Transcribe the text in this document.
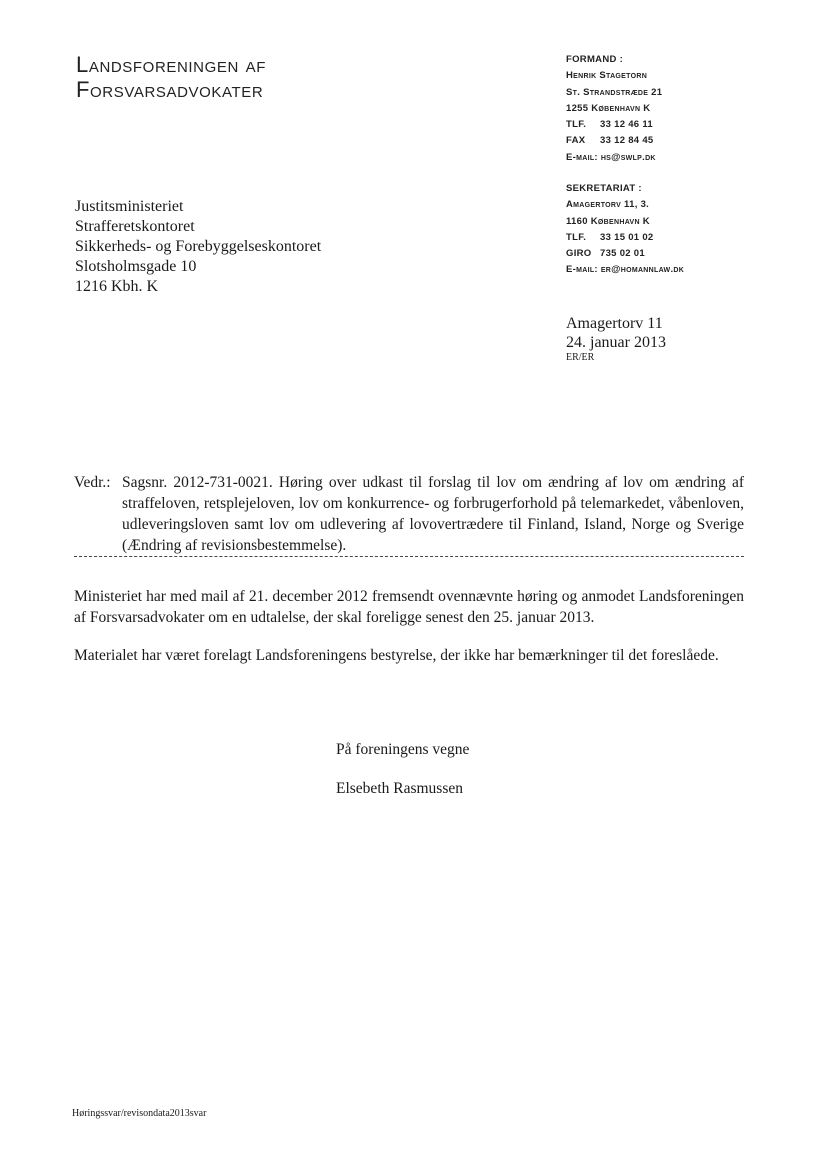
Landsforeningen af
Forsvarsadvokater
FORMAND :
Henrik Stagetorn
St. Strandstræde 21
1255 København K
TLF. 33 12 46 11
FAX 33 12 84 45
E-mail: hs@swlp.dk
SEKRETARIAT :
Amagertorv 11, 3.
1160 København K
TLF. 33 15 01 02
GIRO 735 02 01
E-mail: er@homannlaw.dk
Justitsministeriet
Strafferetskontoret
Sikkerheds- og Forebyggelseskontoret
Slotsholmsgade 10
1216 Kbh. K
Amagertorv 11
24. januar 2013
ER/ER
Vedr.: Sagsnr. 2012-731-0021. Høring over udkast til forslag til lov om ændring af lov om ændring af straffeloven, retsplejeloven, lov om konkurrence- og forbrugerforhold på telemarkedet, våbenloven, udleveringsloven samt lov om udlevering af lovovertrædere til Finland, Island, Norge og Sverige (Ændring af revisionsbestemmelse).
Ministeriet har med mail af 21. december 2012 fremsendt ovennævnte høring og anmodet Landsforeningen af Forsvarsadvokater om en udtalelse, der skal foreligge senest den 25. januar 2013.
Materialet har været forelagt Landsforeningens bestyrelse, der ikke har bemærkninger til det foreslåede.
På foreningens vegne
Elsebeth Rasmussen
Høringssvar/revisondata2013svar
